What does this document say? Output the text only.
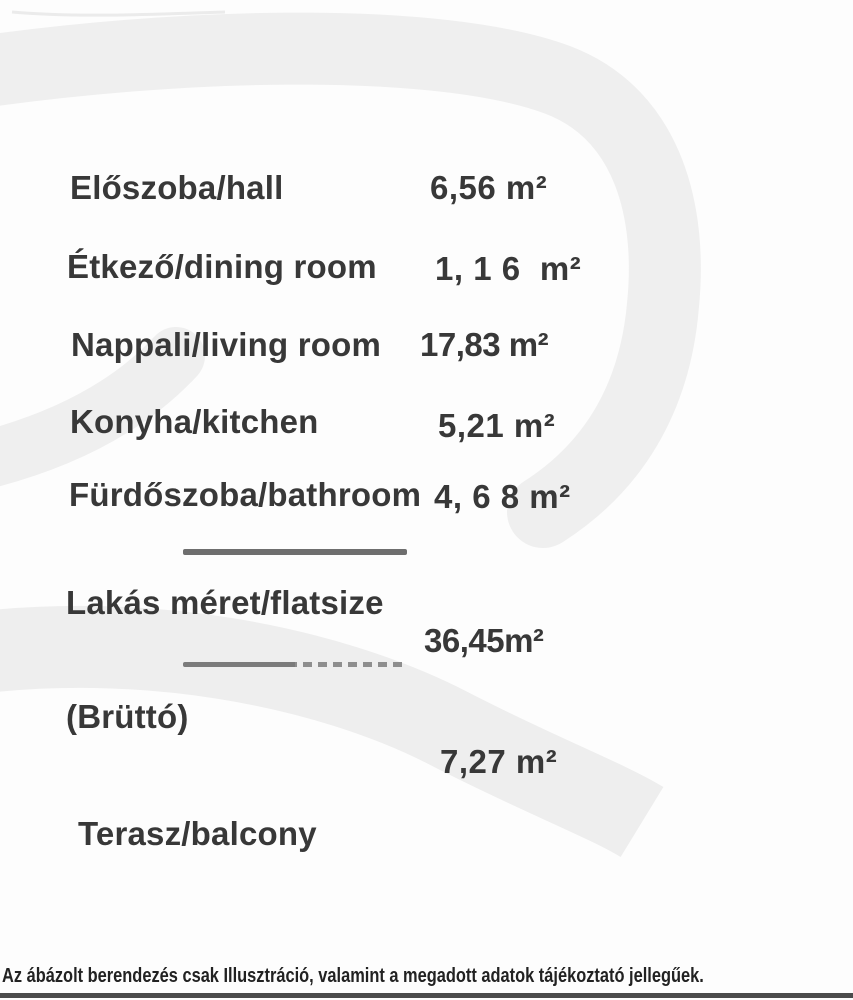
Előszoba/hall	6,56 m²
Étkező/dining room 1, 1 6  m²
Nappali/living room 17,83 m²
Konyha/kitchen	5,21 m²
Fürdőszoba/bathroom 4, 6 8 m²
Lakás méret/flatsize
36,45m²
(Brüttó)
7,27 m²
Terasz/balcony
Az ábázolt berendezés csak Illusztráció, valamint a megadott adatok tájékoztató jellegűek.
